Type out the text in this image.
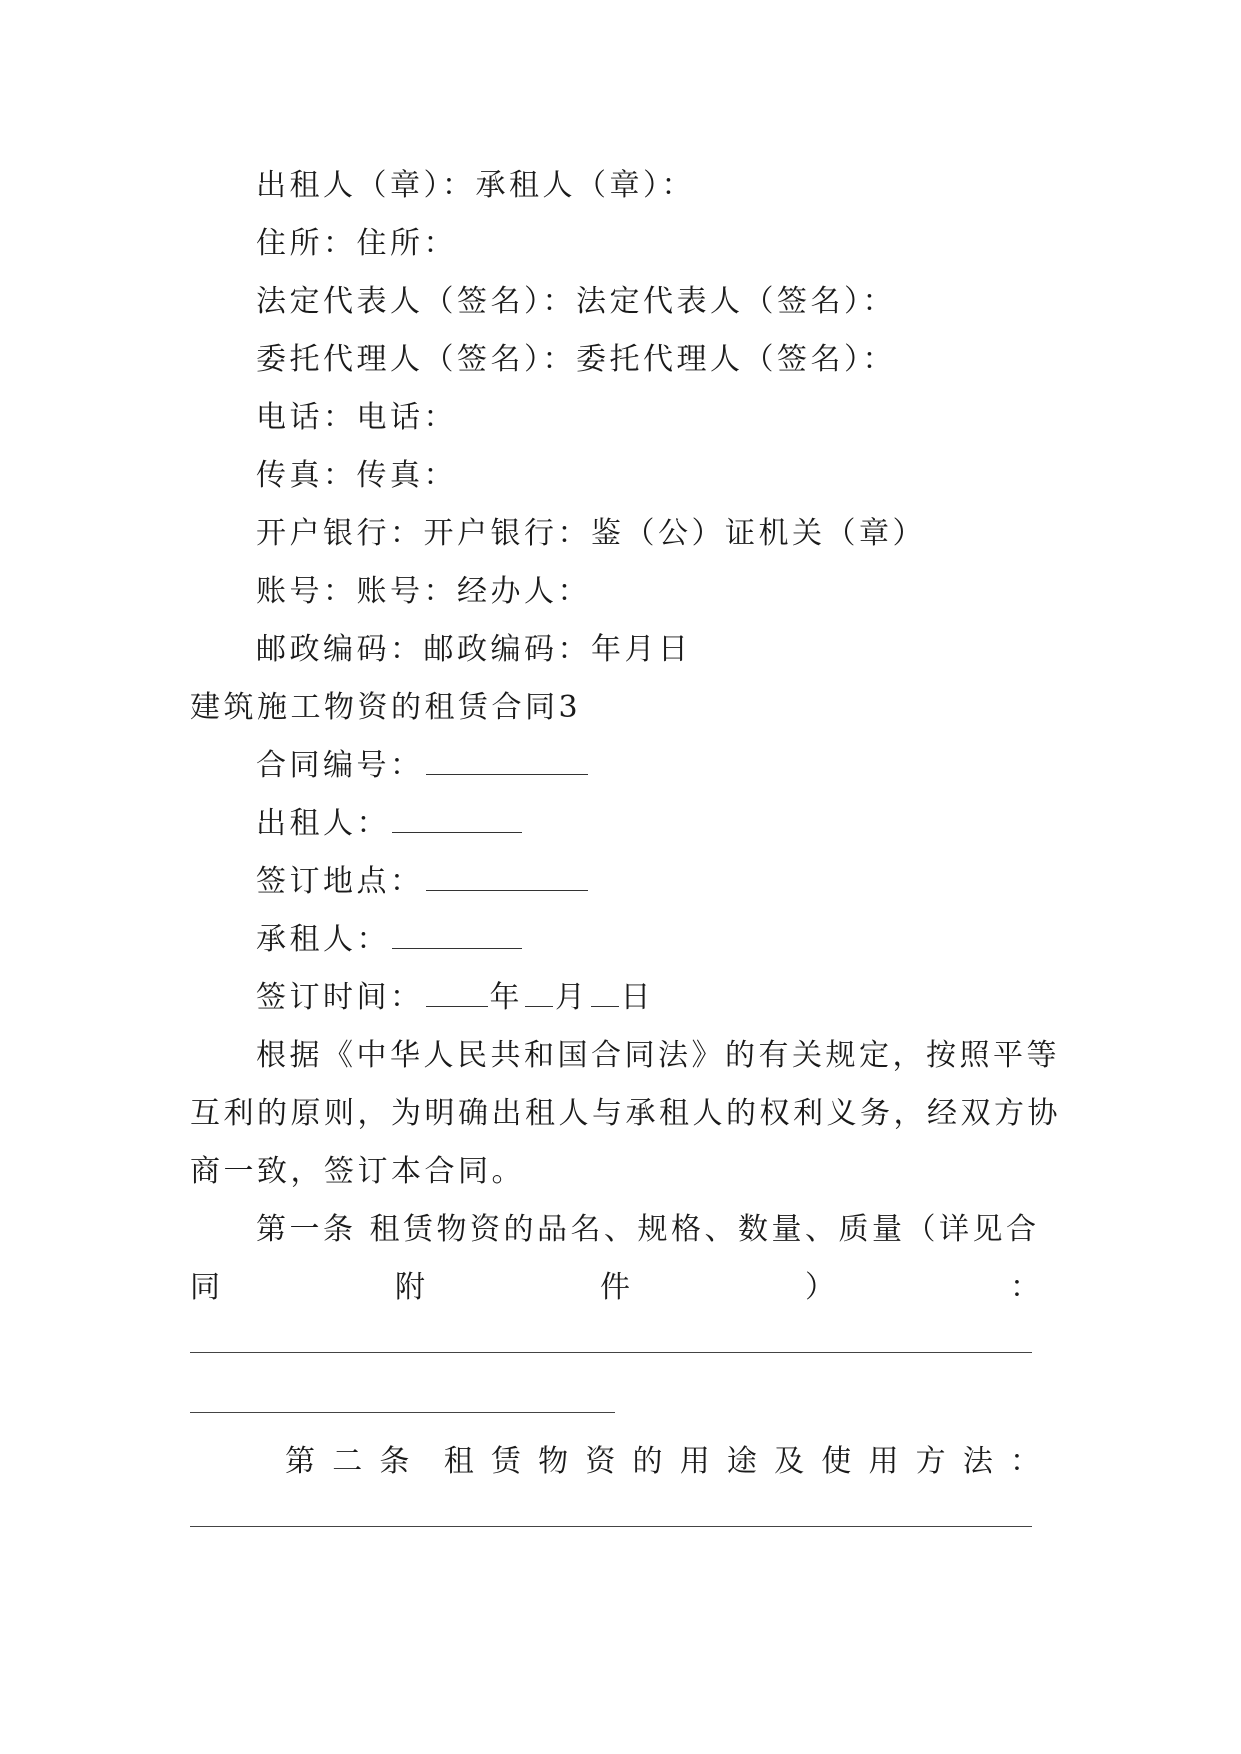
出租人（章）：承租人（章）：
住所：住所：
法定代表人（签名）：法定代表人（签名）：
委托代理人（签名）：委托代理人（签名）：
电话：电话：
传真：传真：
开户银行：开户银行：鉴（公）证机关（章）
账号：账号：经办人：
邮政编码：邮政编码：年月日
建筑施工物资的租赁合同3
合同编号：
出租人：
签订地点：
承租人：
签订时间： 年 月 日
根据《中华人民共和国合同法》的有关规定，按照平等
互利的原则，为明确出租人与承租人的权利义务，经双方协
商一致，签订本合同。
第一条 租赁物资的品名、规格、数量、质量（详见合
同	附	件	）	：
第 二 条 租 赁 物 资 的 用 途 及 使 用 方 法 ：
